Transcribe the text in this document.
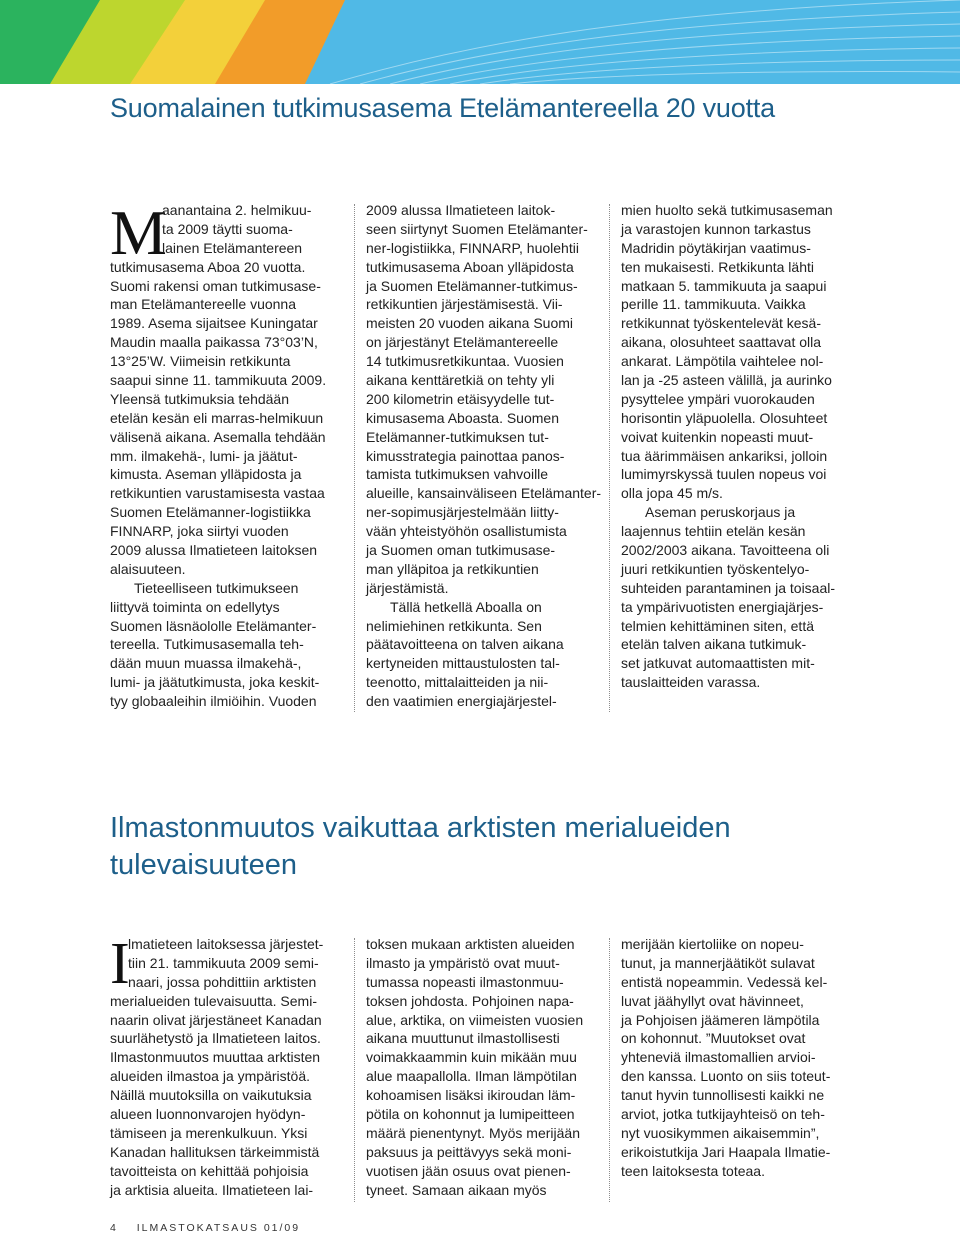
Suomalainen tutkimusasema Etelämantereella 20 vuotta
M
aanantaina 2. helmikuu-
ta 2009 täytti suoma-
lainen Etelämantereen
tutkimusasema Aboa 20 vuotta.
Suomi rakensi oman tutkimusase-
man Etelämantereelle vuonna
1989. Asema sijaitsee Kuningatar
Maudin maalla paikassa 73°03’N,
13°25’W. Viimeisin retkikunta
saapui sinne 11. tammikuuta 2009.
Yleensä tutkimuksia tehdään
etelän kesän eli marras-helmikuun
välisenä aikana. Asemalla tehdään
mm. ilmakehä-, lumi- ja jäätut-
kimusta. Aseman ylläpidosta ja
retkikuntien varustamisesta vastaa
Suomen Etelämanner-logistiikka
FINNARP, joka siirtyi vuoden
2009 alussa Ilmatieteen laitoksen
alaisuuteen.
Tieteelliseen tutkimukseen
liittyvä toiminta on edellytys
Suomen läsnäololle Etelämanter-
tereella. Tutkimusasemalla teh-
dään muun muassa ilmakehä-,
lumi- ja jäätutkimusta, joka keskit-
tyy globaaleihin ilmiöihin. Vuoden
2009 alussa Ilmatieteen laitok-
seen siirtynyt Suomen Etelämanter-
ner-logistiikka, FINNARP, huolehtii
tutkimusasema Aboan ylläpidosta
ja Suomen Etelämanner-tutkimus-
retkikuntien järjestämisestä. Vii-
meisten 20 vuoden aikana Suomi
on järjestänyt Etelämantereelle
14 tutkimusretkikuntaa. Vuosien
aikana kenttäretkiä on tehty yli
200 kilometrin etäisyydelle tut-
kimusasema Aboasta. Suomen
Etelämanner-tutkimuksen tut-
kimusstrategia painottaa panos-
tamista tutkimuksen vahvoille
alueille, kansainväliseen Etelämanter-
ner-sopimusjärjestelmään liitty-
vään yhteistyöhön osallistumista
ja Suomen oman tutkimusase-
man ylläpitoa ja retkikuntien
järjestämistä.
Tällä hetkellä Aboalla on
nelimiehinen retkikunta. Sen
päätavoitteena on talven aikana
kertyneiden mittaustulosten tal-
teenotto, mittalaitteiden ja nii-
den vaatimien energiajärjestel-
mien huolto sekä tutkimusaseman
ja varastojen kunnon tarkastus
Madridin pöytäkirjan vaatimus-
ten mukaisesti. Retkikunta lähti
matkaan 5. tammikuuta ja saapui
perille 11. tammikuuta. Vaikka
retkikunnat työskentelevät kesä-
aikana, olosuhteet saattavat olla
ankarat. Lämpötila vaihtelee nol-
lan ja -25 asteen välillä, ja aurinko
pysyttelee ympäri vuorokauden
horisontin yläpuolella. Olosuhteet
voivat kuitenkin nopeasti muut-
tua äärimmäisen ankariksi, jolloin
lumimyrskyssä tuulen nopeus voi
olla jopa 45 m/s.
Aseman peruskorjaus ja
laajennus tehtiin etelän kesän
2002/2003 aikana. Tavoitteena oli
juuri retkikuntien työskentelyo-
suhteiden parantaminen ja toisaal-
ta ympärivuotisten energiajärjes-
telmien kehittäminen siten, että
etelän talven aikana tutkimuk-
set jatkuvat automaattisten mit-
tauslaitteiden varassa.
Ilmastonmuutos vaikuttaa arktisten merialueiden tulevaisuuteen
I
lmatieteen laitoksessa järjestet-
tiin 21. tammikuuta 2009 semi-
naari, jossa pohdittiin arktisten
merialueiden tulevaisuutta. Semi-
naarin olivat järjestäneet Kanadan
suurlähetystö ja Ilmatieteen laitos.
Ilmastonmuutos muuttaa arktisten
alueiden ilmastoa ja ympäristöä.
Näillä muutoksilla on vaikutuksia
alueen luonnonvarojen hyödyn-
tämiseen ja merenkulkuun. Yksi
Kanadan hallituksen tärkeimmistä
tavoitteista on kehittää pohjoisia
ja arktisia alueita. Ilmatieteen lai-
toksen mukaan arktisten alueiden
ilmasto ja ympäristö ovat muut-
tumassa nopeasti ilmastonmuu-
toksen johdosta. Pohjoinen napa-
alue, arktika, on viimeisten vuosien
aikana muuttunut ilmastollisesti
voimakkaammin kuin mikään muu
alue maapallolla. Ilman lämpötilan
kohoamisen lisäksi ikiroudan läm-
pötila on kohonnut ja lumipeitteen
määrä pienentynyt. Myös merijään
paksuus ja peittävyys sekä moni-
vuotisen jään osuus ovat pienen-
tyneet. Samaan aikaan myös
merijään kiertoliike on nopeu-
tunut, ja mannerjäätiköt sulavat
entistä nopeammin. Vedessä kel-
luvat jäähyllyt ovat hävinneet,
ja Pohjoisen jäämeren lämpötila
on kohonnut. ”Muutokset ovat
yhteneviä ilmastomallien arvioi-
den kanssa. Luonto on siis toteut-
tanut hyvin tunnollisesti kaikki ne
arviot, jotka tutkijayhteisö on teh-
nyt vuosikymmen aikaisemmin”,
erikoistutkija Jari Haapala Ilmatie-
teen laitoksesta toteaa.
4 ILMASTOKATSAUS 01/09
